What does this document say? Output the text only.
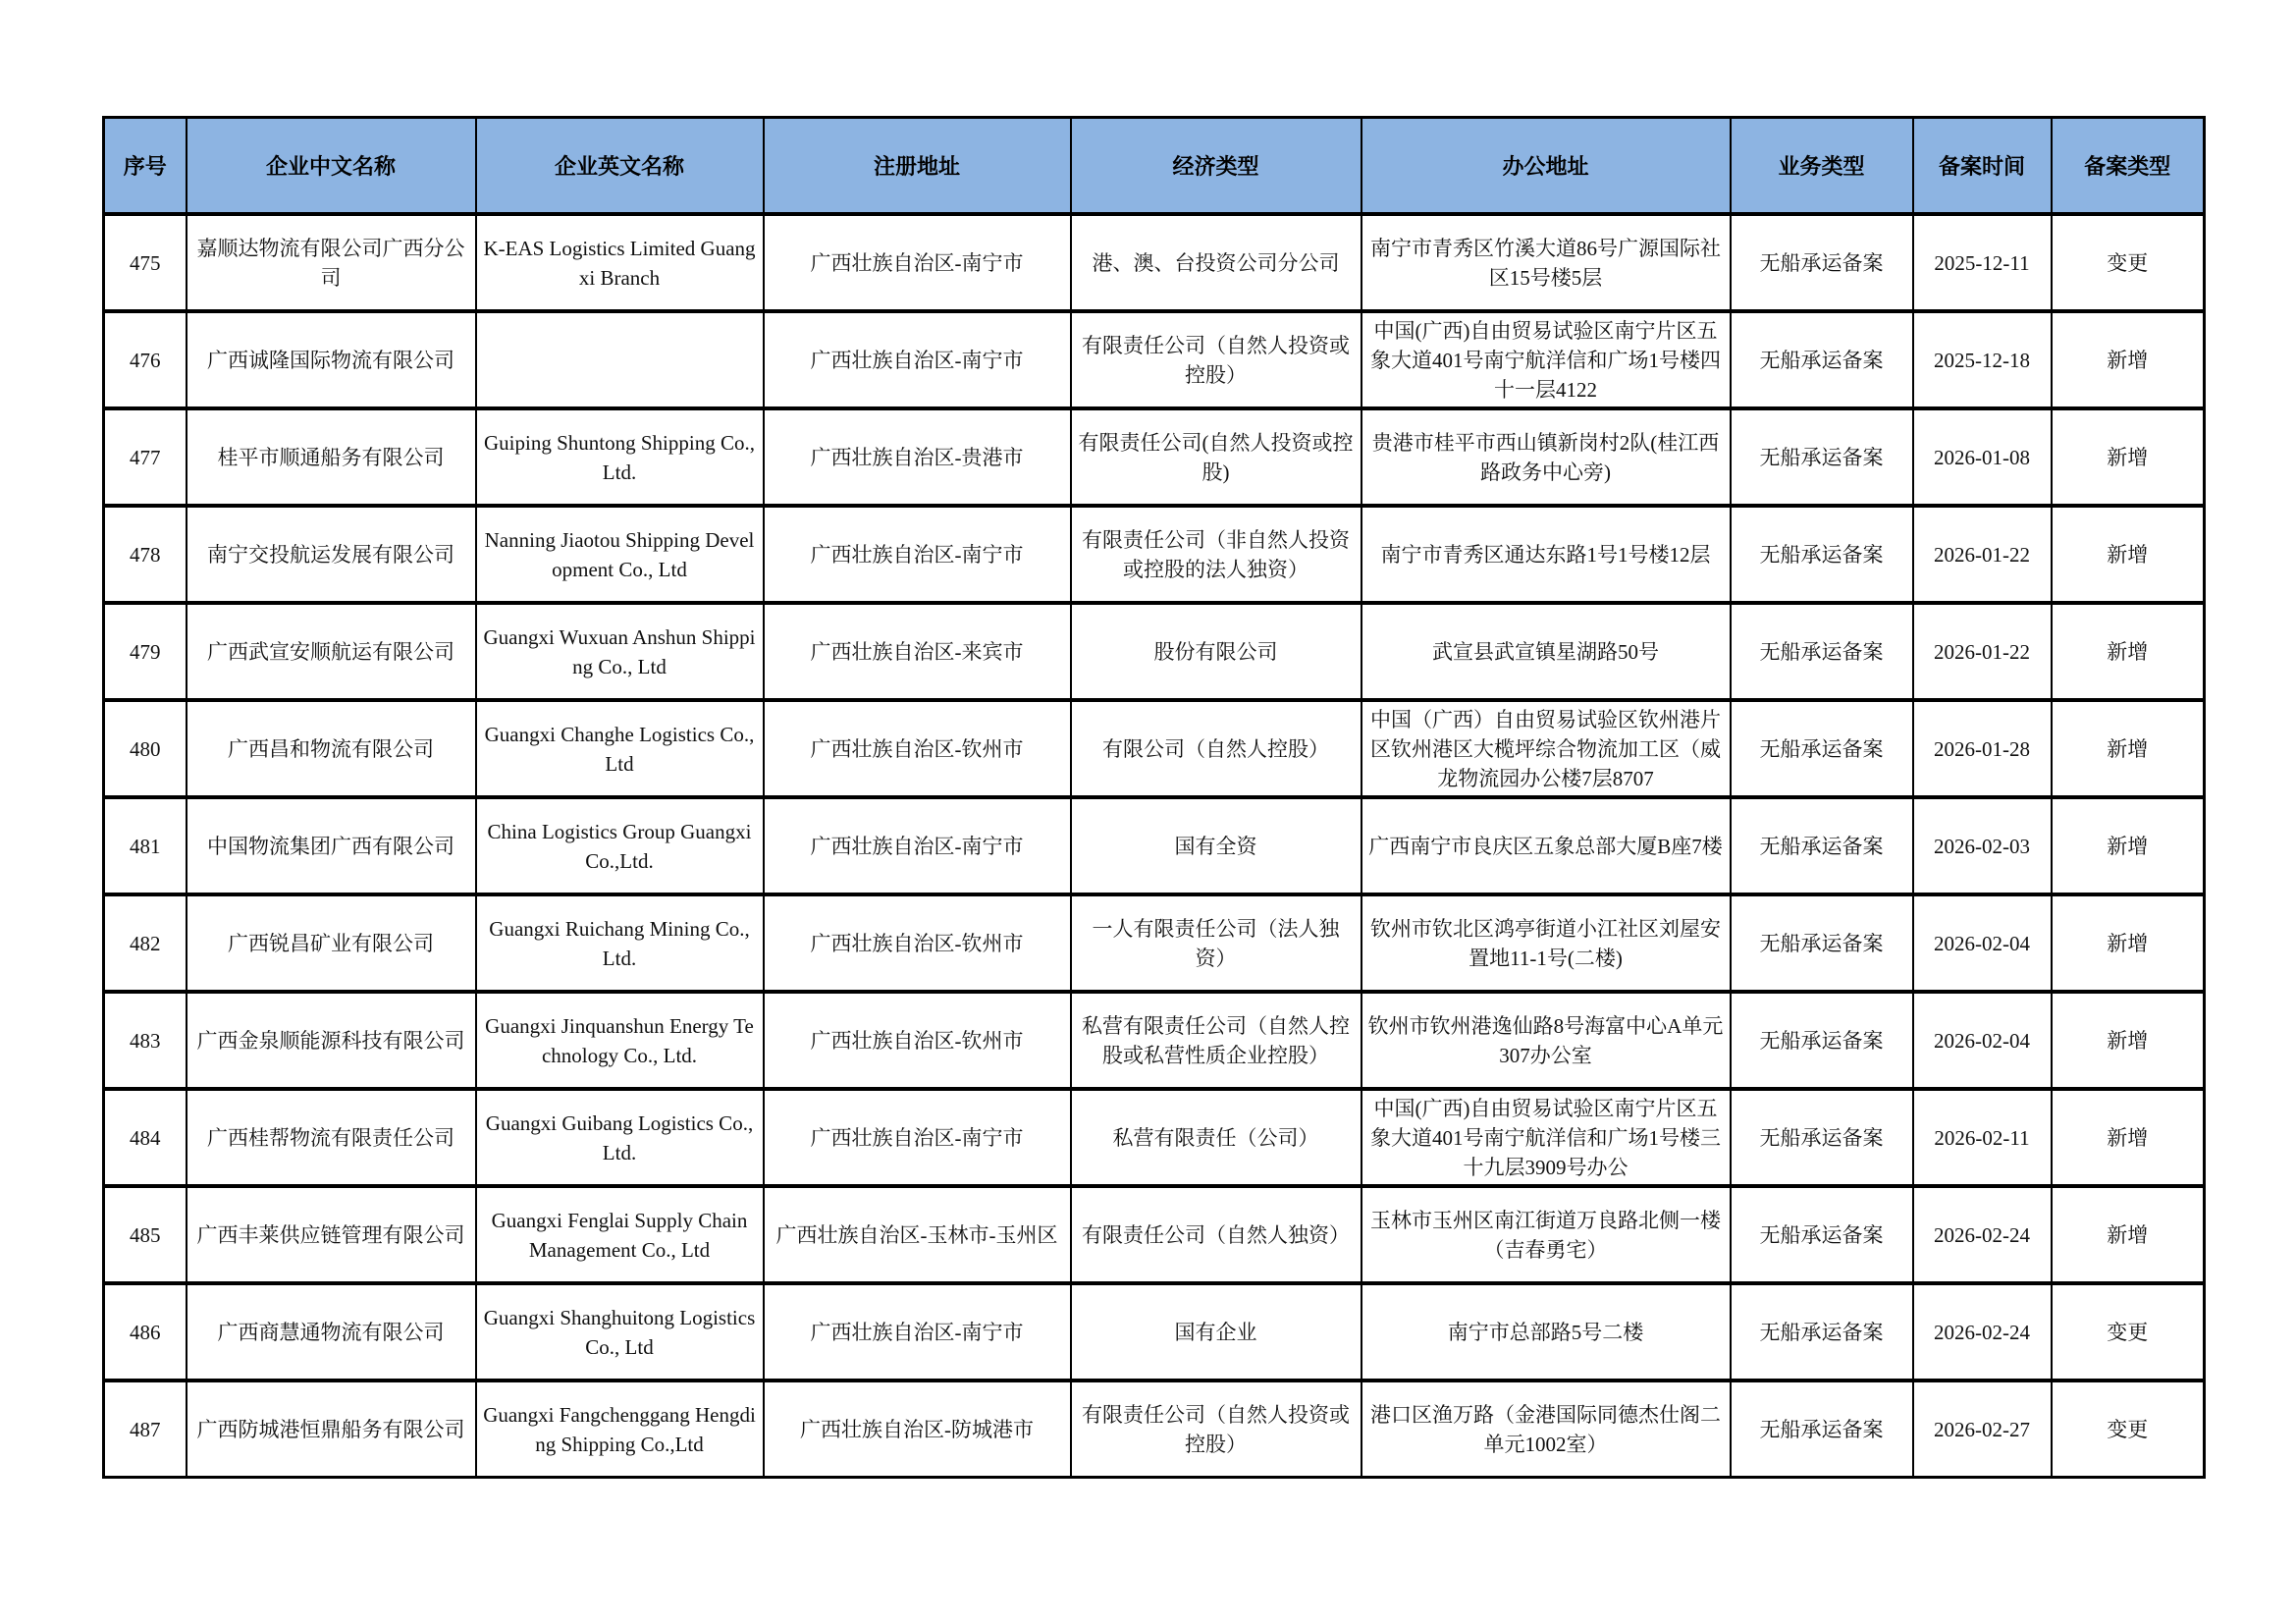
序号	企业中文名称	企业英文名称	注册地址	经济类型	办公地址	业务类型	备案时间	备案类型

475	嘉顺达物流有限公司广西分公司	K-EAS Logistics Limited Guangxi Branch	广西壮族自治区-南宁市	港、澳、台投资公司分公司	南宁市青秀区竹溪大道86号广源国际社区15号楼5层	无船承运备案	2025-12-11	变更

476	广西诚隆国际物流有限公司		广西壮族自治区-南宁市	有限责任公司（自然人投资或控股）	中国(广西)自由贸易试验区南宁片区五象大道401号南宁航洋信和广场1号楼四十一层4122	无船承运备案	2025-12-18	新增

477	桂平市顺通船务有限公司	Guiping Shuntong Shipping Co., Ltd.	广西壮族自治区-贵港市	有限责任公司(自然人投资或控股)	贵港市桂平市西山镇新岗村2队(桂江西路政务中心旁)	无船承运备案	2026-01-08	新增

478	南宁交投航运发展有限公司	Nanning Jiaotou Shipping Development Co., Ltd	广西壮族自治区-南宁市	有限责任公司（非自然人投资或控股的法人独资）	南宁市青秀区通达东路1号1号楼12层	无船承运备案	2026-01-22	新增

479	广西武宣安顺航运有限公司	Guangxi Wuxuan Anshun Shipping Co., Ltd	广西壮族自治区-来宾市	股份有限公司	武宣县武宣镇星湖路50号	无船承运备案	2026-01-22	新增

480	广西昌和物流有限公司	Guangxi Changhe Logistics Co., Ltd	广西壮族自治区-钦州市	有限公司（自然人控股）	中国（广西）自由贸易试验区钦州港片区钦州港区大榄坪综合物流加工区（威龙物流园办公楼7层8707	无船承运备案	2026-01-28	新增

481	中国物流集团广西有限公司	China Logistics Group Guangxi Co.,Ltd.	广西壮族自治区-南宁市	国有全资	广西南宁市良庆区五象总部大厦B座7楼	无船承运备案	2026-02-03	新增

482	广西锐昌矿业有限公司	Guangxi Ruichang Mining Co., Ltd.	广西壮族自治区-钦州市	一人有限责任公司（法人独资）	钦州市钦北区鸿亭街道小江社区刘屋安置地11-1号(二楼)	无船承运备案	2026-02-04	新增

483	广西金泉顺能源科技有限公司	Guangxi Jinquanshun Energy Technology Co., Ltd.	广西壮族自治区-钦州市	私营有限责任公司（自然人控股或私营性质企业控股）	钦州市钦州港逸仙路8号海富中心A单元307办公室	无船承运备案	2026-02-04	新增

484	广西桂帮物流有限责任公司	Guangxi Guibang Logistics Co., Ltd.	广西壮族自治区-南宁市	私营有限责任（公司）	中国(广西)自由贸易试验区南宁片区五象大道401号南宁航洋信和广场1号楼三十九层3909号办公	无船承运备案	2026-02-11	新增

485	广西丰莱供应链管理有限公司	Guangxi Fenglai Supply Chain Management Co., Ltd	广西壮族自治区-玉林市-玉州区	有限责任公司（自然人独资）	玉林市玉州区南江街道万良路北侧一楼（吉春勇宅）	无船承运备案	2026-02-24	新增

486	广西商慧通物流有限公司	Guangxi Shanghuitong Logistics Co., Ltd	广西壮族自治区-南宁市	国有企业	南宁市总部路5号二楼	无船承运备案	2026-02-24	变更

487	广西防城港恒鼎船务有限公司	Guangxi Fangchenggang Hengding Shipping Co.,Ltd	广西壮族自治区-防城港市	有限责任公司（自然人投资或控股）	港口区渔万路（金港国际同德杰仕阁二单元1002室）	无船承运备案	2026-02-27	变更
